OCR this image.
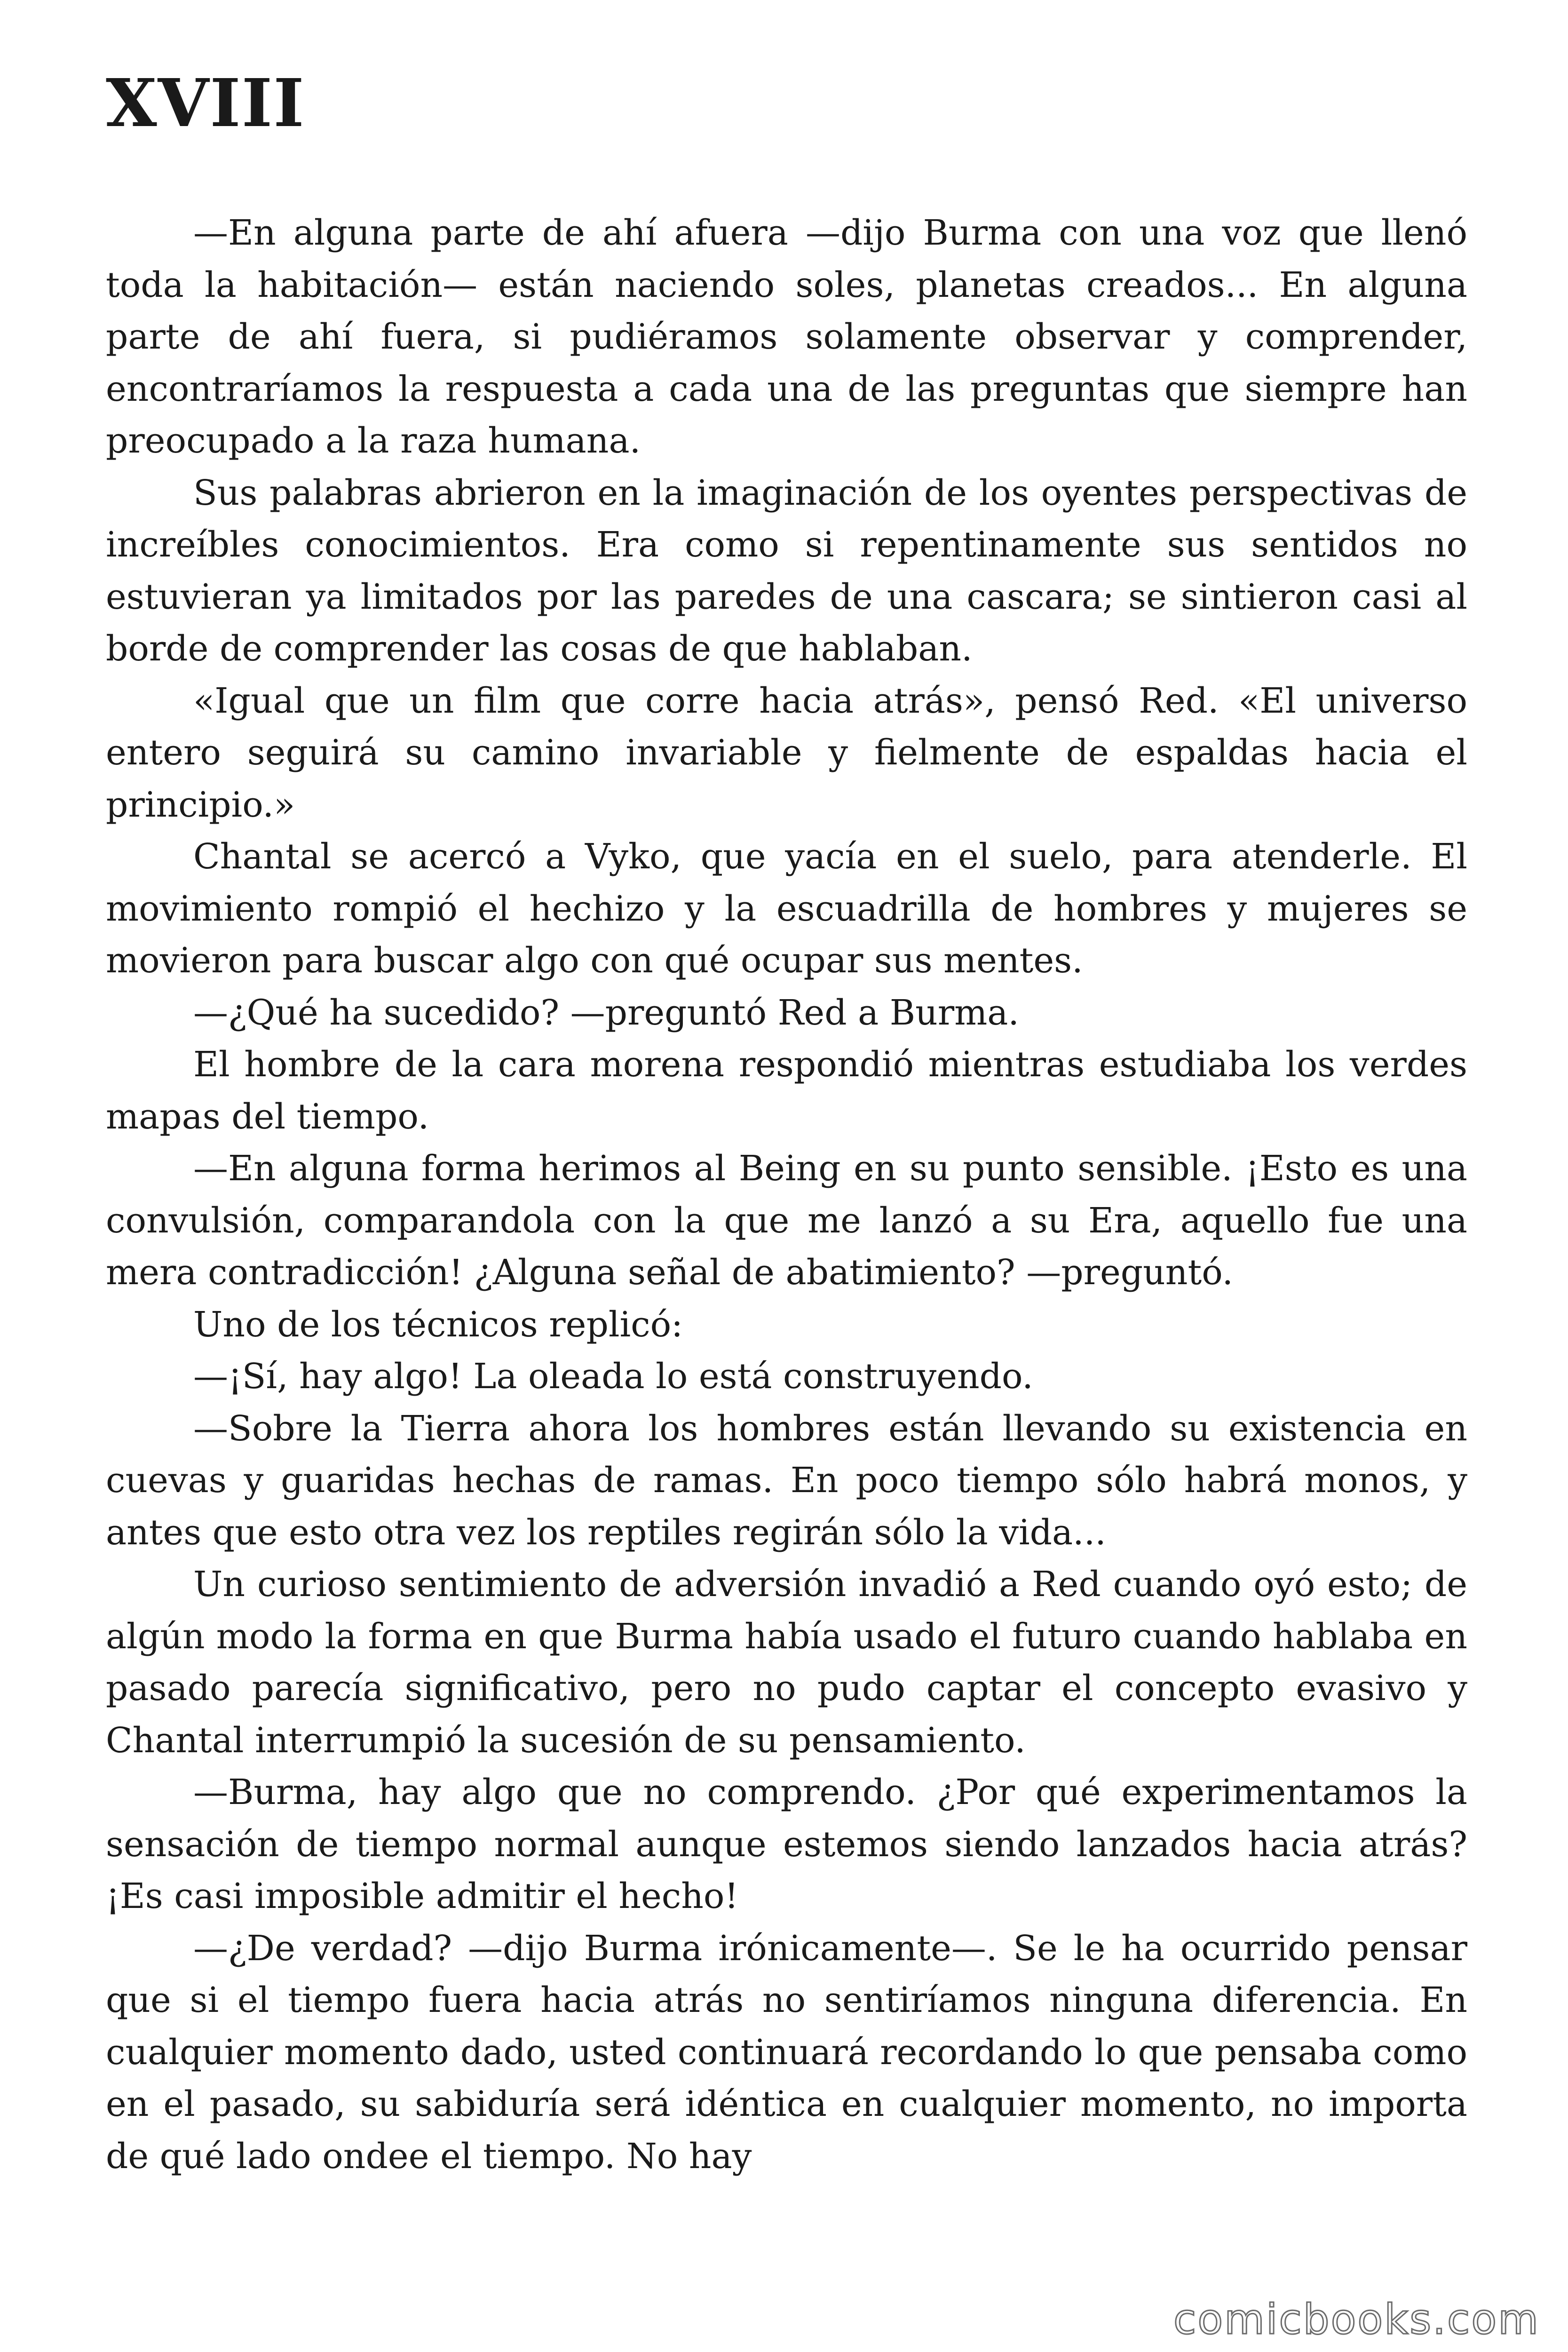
XVIII

—En alguna parte de ahí afuera —dijo Burma con una voz que llenó toda la habitación— están naciendo soles, planetas creados... En alguna parte de ahí fuera, si pudiéramos solamente observar y comprender, encontraríamos la respuesta a cada una de las preguntas que siempre han preocupado a la raza humana.

Sus palabras abrieron en la imaginación de los oyentes perspectivas de increíbles conocimientos. Era como si repentinamente sus sentidos no estuvieran ya limitados por las paredes de una cascara; se sintieron casi al borde de comprender las cosas de que hablaban.

«Igual que un film que corre hacia atrás», pensó Red. «El universo entero seguirá su camino invariable y fielmente de espaldas hacia el principio.»

Chantal se acercó a Vyko, que yacía en el suelo, para atenderle. El movimiento rompió el hechizo y la escuadrilla de hombres y mujeres se movieron para buscar algo con qué ocupar sus mentes.

—¿Qué ha sucedido? —preguntó Red a Burma.

El hombre de la cara morena respondió mientras estudiaba los verdes mapas del tiempo.

—En alguna forma herimos al Being en su punto sensible. ¡Esto es una convulsión, comparandola con la que me lanzó a su Era, aquello fue una mera contradicción! ¿Alguna señal de abatimiento? —preguntó.

Uno de los técnicos replicó:

—¡Sí, hay algo! La oleada lo está construyendo.

—Sobre la Tierra ahora los hombres están llevando su existencia en cuevas y guaridas hechas de ramas. En poco tiempo sólo habrá monos, y antes que esto otra vez los reptiles regirán sólo la vida...

Un curioso sentimiento de adversión invadió a Red cuando oyó esto; de algún modo la forma en que Burma había usado el futuro cuando hablaba en pasado parecía significativo, pero no pudo captar el concepto evasivo y Chantal interrumpió la sucesión de su pensamiento.

—Burma, hay algo que no comprendo. ¿Por qué experimentamos la sensación de tiempo normal aunque estemos siendo lanzados hacia atrás? ¡Es casi imposible admitir el hecho!

—¿De verdad? —dijo Burma irónicamente—. Se le ha ocurrido pensar que si el tiempo fuera hacia atrás no sentiríamos ninguna diferencia. En cualquier momento dado, usted continuará recordando lo que pensaba como en el pasado, su sabiduría será idéntica en cualquier momento, no importa de qué lado ondee el tiempo. No hay

comicbooks.com
